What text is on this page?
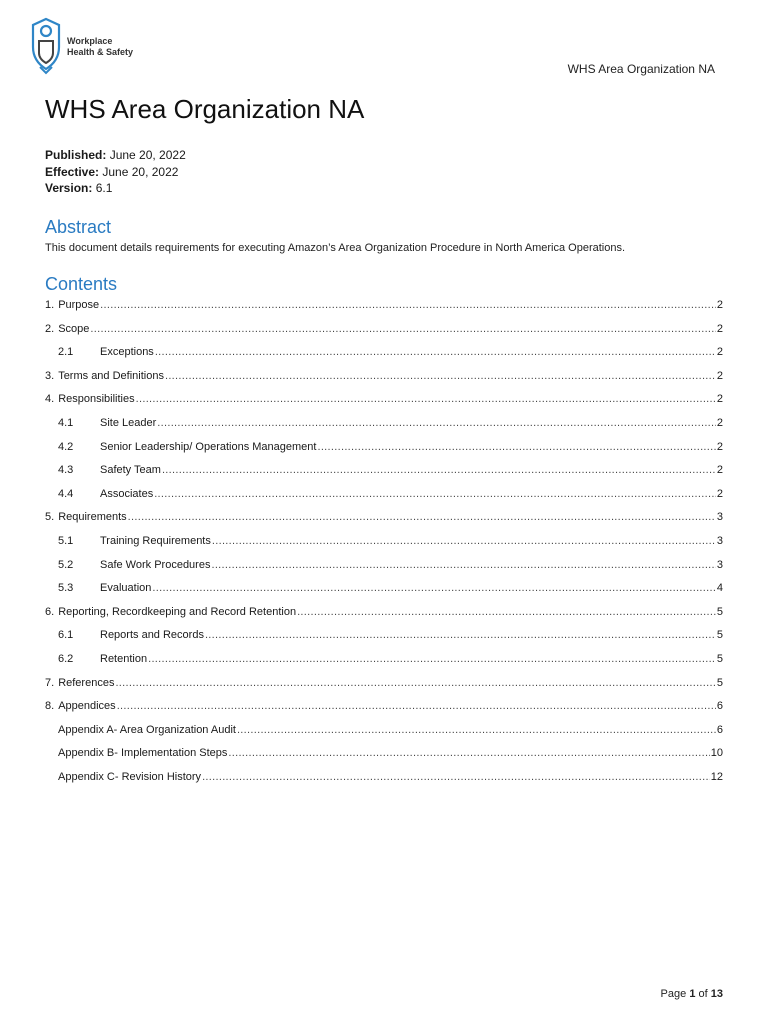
Workplace
Health & Safety
WHS Area Organization NA
WHS Area Organization NA
Published: June 20, 2022
Effective: June 20, 2022
Version: 6.1
Abstract
This document details requirements for executing Amazon’s Area Organization Procedure in North America Operations.
Contents
1. Purpose .....	2
2. Scope .....	2
2.1	Exceptions .....	2
3. Terms and Definitions .....	2
4. Responsibilities .....	2
4.1	Site Leader .....	2
4.2	Senior Leadership/ Operations Management .....	2
4.3	Safety Team .....	2
4.4	Associates .....	2
5. Requirements .....	3
5.1	Training Requirements .....	3
5.2	Safe Work Procedures .....	3
5.3	Evaluation .....	4
6. Reporting, Recordkeeping and Record Retention .....	5
6.1	Reports and Records .....	5
6.2	Retention .....	5
7. References .....	5
8. Appendices .....	6
Appendix A- Area Organization Audit .....	6
Appendix B- Implementation Steps .....	10
Appendix C- Revision History .....	12
Page 1 of 13
